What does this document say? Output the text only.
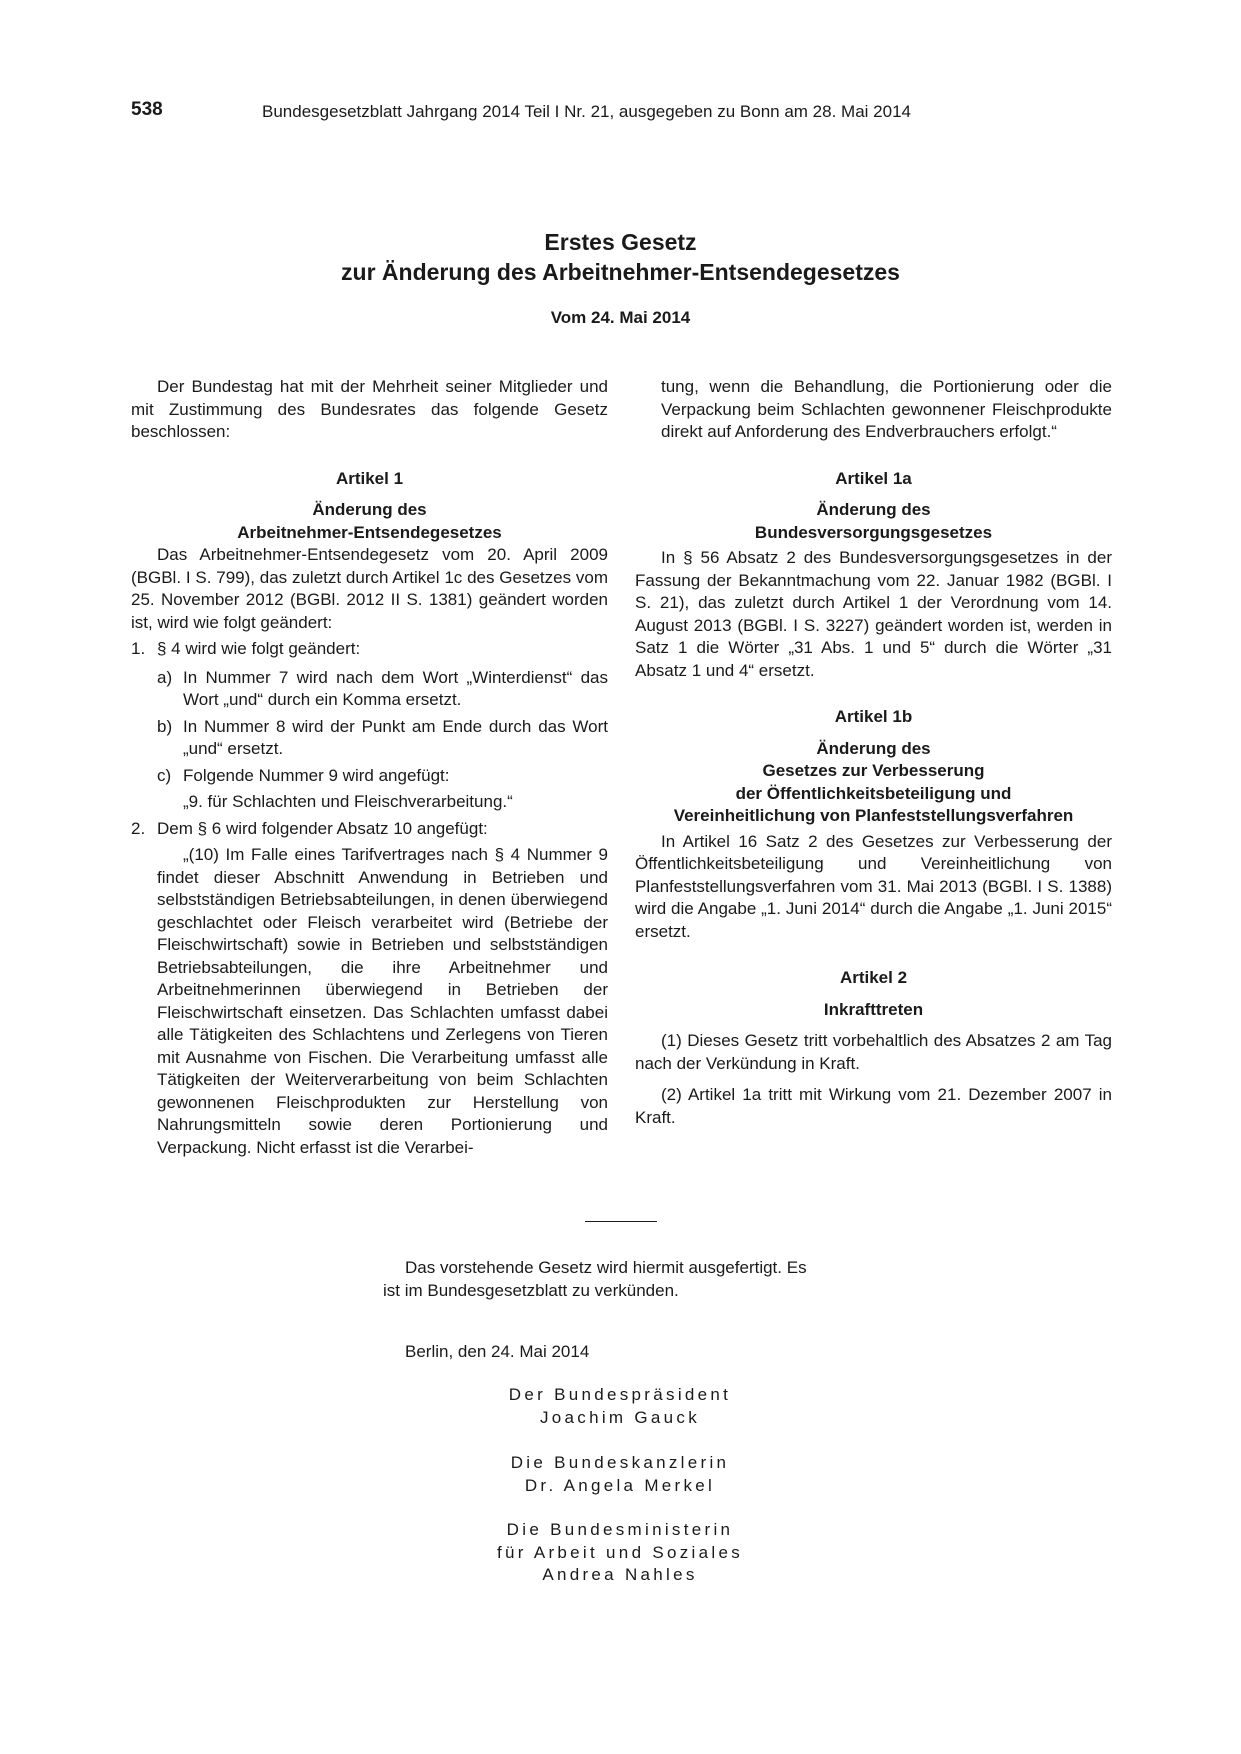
538	Bundesgesetzblatt Jahrgang 2014 Teil I Nr. 21, ausgegeben zu Bonn am 28. Mai 2014
Erstes Gesetz
zur Änderung des Arbeitnehmer-Entsendegesetzes
Vom 24. Mai 2014

Der Bundestag hat mit der Mehrheit seiner Mitglieder und mit Zustimmung des Bundesrates das folgende Gesetz beschlossen:

Artikel 1

Änderung des

Arbeitnehmer-Entsendegesetzes

Das Arbeitnehmer-Entsendegesetz vom 20. April 2009 (BGBl. I S. 799), das zuletzt durch Artikel 1c des Gesetzes vom 25. November 2012 (BGBl. 2012 II S. 1381) geändert worden ist, wird wie folgt geändert:

1. § 4 wird wie folgt geändert:
a) In Nummer 7 wird nach dem Wort „Winterdienst“ das Wort „und“ durch ein Komma ersetzt.
b) In Nummer 8 wird der Punkt am Ende durch das Wort „und“ ersetzt.
c) Folgende Nummer 9 wird angefügt:

„9. für Schlachten und Fleischverarbeitung.“

2. Dem § 6 wird folgender Absatz 10 angefügt:

„(10) Im Falle eines Tarifvertrages nach § 4 Nummer 9 findet dieser Abschnitt Anwendung in Betrieben und selbstständigen Betriebsabteilungen, in denen überwiegend geschlachtet oder Fleisch verarbeitet wird (Betriebe der Fleischwirtschaft) sowie in Betrieben und selbstständigen Betriebsabteilungen, die ihre Arbeitnehmer und Arbeitnehmerinnen überwiegend in Betrieben der Fleischwirtschaft einsetzen. Das Schlachten umfasst dabei alle Tätigkeiten des Schlachtens und Zerlegens von Tieren mit Ausnahme von Fischen. Die Verarbeitung umfasst alle Tätigkeiten der Weiterverarbeitung von beim Schlachten gewonnenen Fleischprodukten zur Herstellung von Nahrungsmitteln sowie deren Portionierung und Verpackung. Nicht erfasst ist die Verarbei-

tung, wenn die Behandlung, die Portionierung oder die Verpackung beim Schlachten gewonnener Fleischprodukte direkt auf Anforderung des Endverbrauchers erfolgt.“

Artikel 1a

Änderung des

Bundesversorgungsgesetzes

In § 56 Absatz 2 des Bundesversorgungsgesetzes in der Fassung der Bekanntmachung vom 22. Januar 1982 (BGBl. I S. 21), das zuletzt durch Artikel 1 der Verordnung vom 14. August 2013 (BGBl. I S. 3227) geändert worden ist, werden in Satz 1 die Wörter „31 Abs. 1 und 5“ durch die Wörter „31 Absatz 1 und 4“ ersetzt.

Artikel 1b

Änderung des

Gesetzes zur Verbesserung

der Öffentlichkeitsbeteiligung und

Vereinheitlichung von Planfeststellungsverfahren

In Artikel 16 Satz 2 des Gesetzes zur Verbesserung der Öffentlichkeitsbeteiligung und Vereinheitlichung von Planfeststellungsverfahren vom 31. Mai 2013 (BGBl. I S. 1388) wird die Angabe „1. Juni 2014“ durch die Angabe „1. Juni 2015“ ersetzt.

Artikel 2

Inkrafttreten

(1) Dieses Gesetz tritt vorbehaltlich des Absatzes 2 am Tag nach der Verkündung in Kraft.

(2) Artikel 1a tritt mit Wirkung vom 21. Dezember 2007 in Kraft.

Das vorstehende Gesetz wird hiermit ausgefertigt. Es
ist im Bundesgesetzblatt zu verkünden.
Berlin, den 24. Mai 2014
Der Bundespräsident
Joachim Gauck
Die Bundeskanzlerin
Dr. Angela Merkel
Die Bundesministerin
für Arbeit und Soziales
Andrea Nahles
